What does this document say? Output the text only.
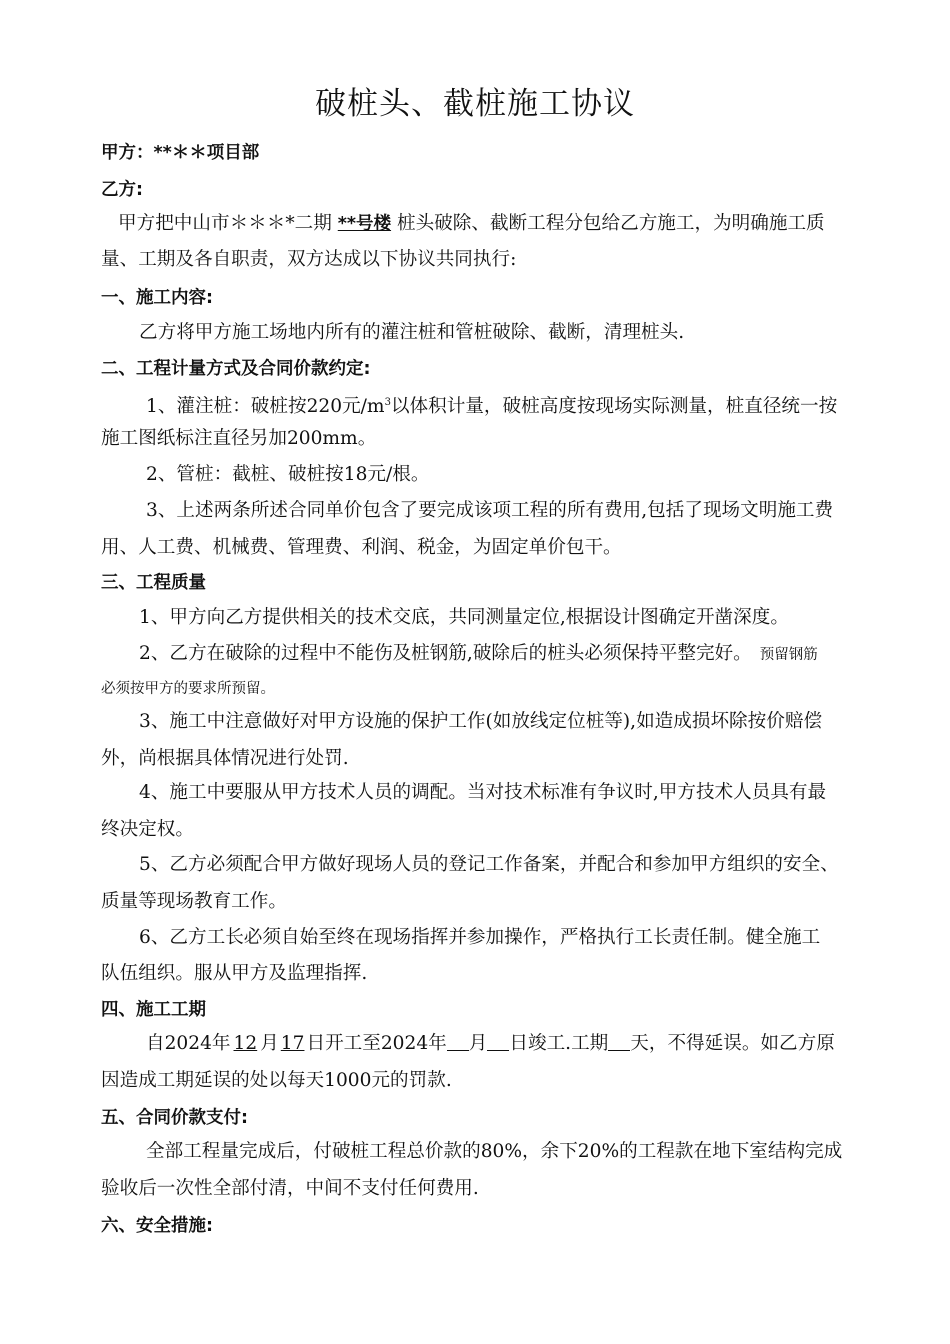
破桩头、截桩施工协议
甲方：**＊＊项目部
乙方:
甲方把中山市＊＊＊*二期 **号楼 桩头破除、截断工程分包给乙方施工，为明确施工质
量、工期及各自职责，双方达成以下协议共同执行:
一、施工内容:
乙方将甲方施工场地内所有的灌注桩和管桩破除、截断，清理桩头.
二、工程计量方式及合同价款约定:
1、灌注桩：破桩按220元$/m^3$以体积计量，破桩高度按现场实际测量，桩直径统一按
施工图纸标注直径另加200mm。
2、管桩：截桩、破桩按18元/根。
3、上述两条所述合同单价包含了要完成该项工程的所有费用,包括了现场文明施工费
用、人工费、机械费、管理费、利润、税金，为固定单价包干。
三、工程质量
1、甲方向乙方提供相关的技术交底，共同测量定位,根据设计图确定开凿深度。
2、乙方在破除的过程中不能伤及桩钢筋,破除后的桩头必须保持平整完好。 预留钢筋
必须按甲方的要求所预留。
3、施工中注意做好对甲方设施的保护工作(如放线定位桩等),如造成损坏除按价赔偿
外，尚根据具体情况进行处罚.
4、施工中要服从甲方技术人员的调配。当对技术标准有争议时,甲方技术人员具有最
终决定权。
5、乙方必须配合甲方做好现场人员的登记工作备案，并配合和参加甲方组织的安全、
质量等现场教育工作。
6、乙方工长必须自始至终在现场指挥并参加操作，严格执行工长责任制。健全施工
队伍组织。服从甲方及监理指挥.
四、施工工期
自2024年 12 月 17 日开工至2024年 月 日竣工.工期 天，不得延误。如乙方原
因造成工期延误的处以每天1000元的罚款.
五、合同价款支付:
全部工程量完成后，付破桩工程总价款的80%，余下20%的工程款在地下室结构完成
验收后一次性全部付清，中间不支付任何费用.
六、安全措施:
